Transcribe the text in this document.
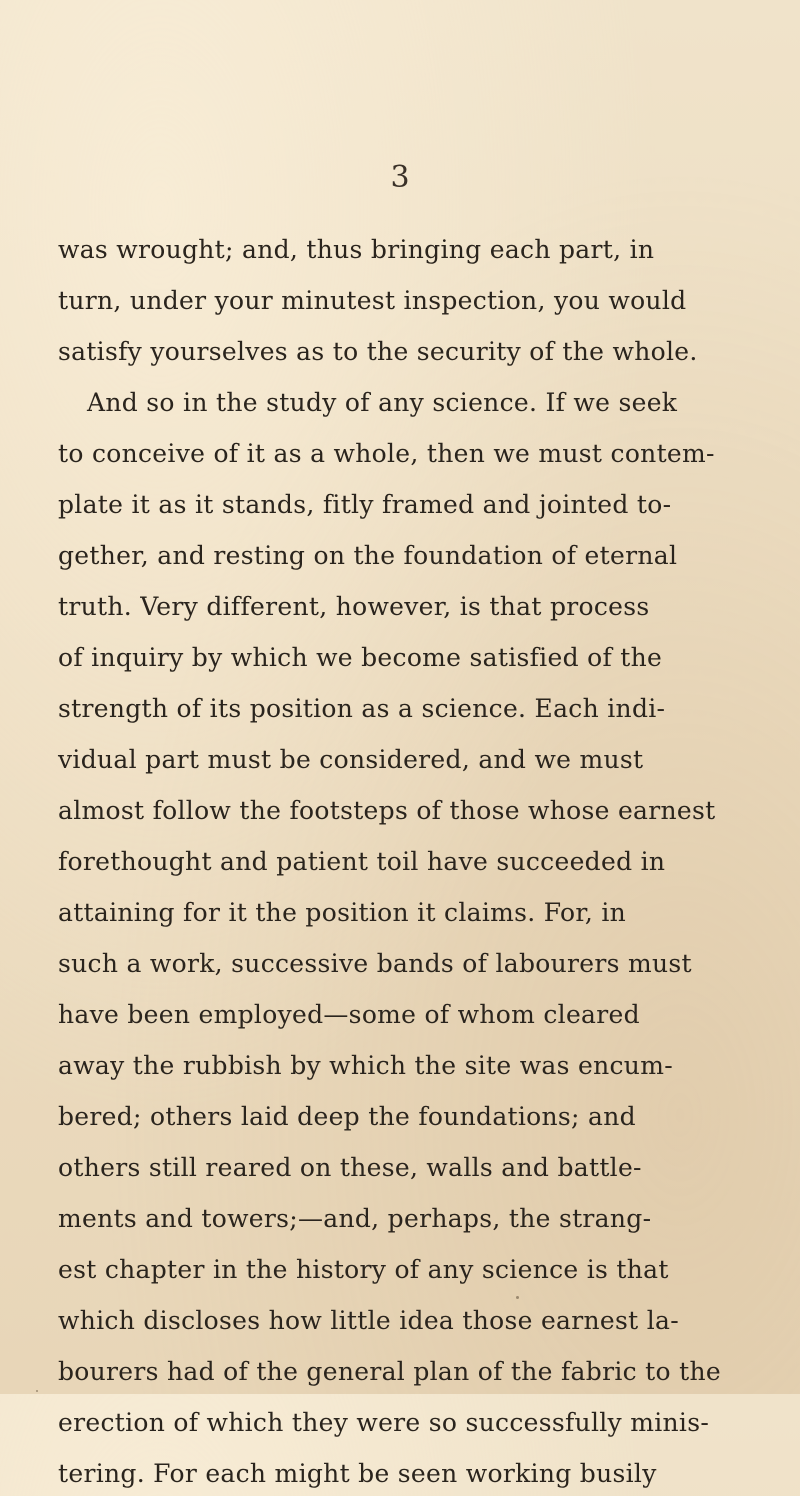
3
was wrought; and, thus bringing each part, in
turn, under your minutest inspection, you would
satisfy yourselves as to the security of the whole.
And so in the study of any science. If we seek
to conceive of it as a whole, then we must contem-
plate it as it stands, fitly framed and jointed to-
gether, and resting on the foundation of eternal
truth. Very different, however, is that process
of inquiry by which we become satisfied of the
strength of its position as a science. Each indi-
vidual part must be considered, and we must
almost follow the footsteps of those whose earnest
forethought and patient toil have succeeded in
attaining for it the position it claims. For, in
such a work, successive bands of labourers must
have been employed—some of whom cleared
away the rubbish by which the site was encum-
bered; others laid deep the foundations; and
others still reared on these, walls and battle-
ments and towers;—and, perhaps, the strang-
est chapter in the history of any science is that
which discloses how little idea those earnest la-
bourers had of the general plan of the fabric to the
erection of which they were so successfully minis-
tering. For each might be seen working busily
